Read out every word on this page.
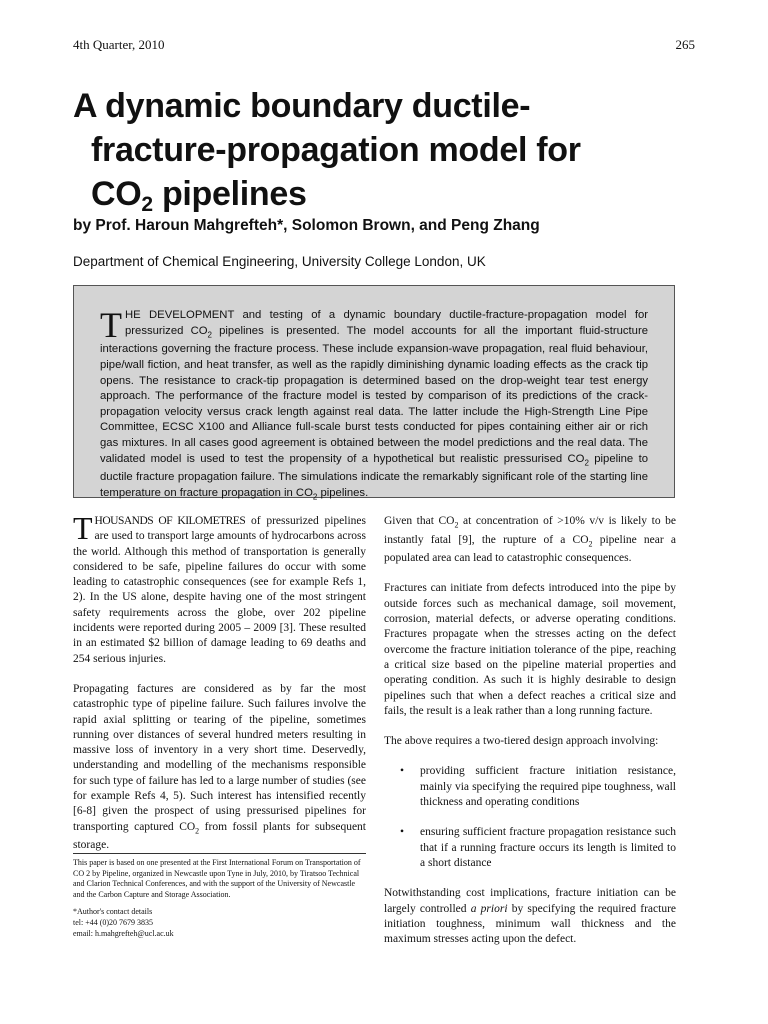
4th Quarter, 2010	265
A dynamic boundary ductile-
fracture-propagation model for
$CO_2$ pipelines
by Prof. Haroun Mahgrefteh*, Solomon Brown, and Peng Zhang
Department of Chemical Engineering, University College London, UK
THE DEVELOPMENT and testing of a dynamic boundary ductile-fracture-propagation model for pressurized $CO_2$ pipelines is presented. The model accounts for all the important fluid-structure interactions governing the fracture process. These include expansion-wave propagation, real fluid behaviour, pipe/wall fiction, and heat transfer, as well as the rapidly diminishing dynamic loading effects as the crack tip opens. The resistance to crack-tip propagation is determined based on the drop-weight tear test energy approach. The performance of the fracture model is tested by comparison of its predictions of the crack-propagation velocity versus crack length against real data. The latter include the High-Strength Line Pipe Committee, ECSC X100 and Alliance full-scale burst tests conducted for pipes containing either air or rich gas mixtures. In all cases good agreement is obtained between the model predictions and the real data. The validated model is used to test the propensity of a hypothetical but realistic pressurised $CO_2$ pipeline to ductile fracture propagation failure. The simulations indicate the remarkably significant role of the starting line temperature on fracture propagation in $CO_2$ pipelines.

THOUSANDS OF KILOMETRES of pressurized pipelines are used to transport large amounts of hydrocarbons across the world. Although this method of transportation is generally considered to be safe, pipeline failures do occur with some leading to catastrophic consequences (see for example Refs 1, 2). In the US alone, despite having one of the most stringent safety requirements across the globe, over 202 pipeline incidents were reported during 2005 – 2009 [3]. These resulted in an estimated $2 billion of damage leading to 69 deaths and 254 serious injuries.

Propagating factures are considered as by far the most catastrophic type of pipeline failure. Such failures involve the rapid axial splitting or tearing of the pipeline, sometimes running over distances of several hundred meters resulting in massive loss of inventory in a very short time. Deservedly, understanding and modelling of the mechanisms responsible for such type of failure has led to a large number of studies (see for example Refs 4, 5). Such interest has intensified recently [6-8] given the prospect of using pressurised pipelines for transporting captured $CO_2$ from fossil plants for subsequent storage.

This paper is based on one presented at the First International Forum on Transportation of CO 2 by Pipeline, organized in Newcastle upon Tyne in July, 2010, by Tiratsoo Technical and Clarion Technical Conferences, and with the support of the University of Newcastle and the Carbon Capture and Storage Association.

*Author's contact details
tel: +44 (0)20 7679 3835
email: h.mahgrefteh@ucl.ac.uk

Given that $CO_2$ at concentration of >10% v/v is likely to be instantly fatal [9], the rupture of a $CO_2$ pipeline near a populated area can lead to catastrophic consequences.

Fractures can initiate from defects introduced into the pipe by outside forces such as mechanical damage, soil movement, corrosion, material defects, or adverse operating conditions. Fractures propagate when the stresses acting on the defect overcome the fracture initiation tolerance of the pipe, reaching a critical size based on the pipeline material properties and operating condition. As such it is highly desirable to design pipelines such that when a defect reaches a critical size and fails, the result is a leak rather than a long running facture.

The above requires a two-tiered design approach involving:

• providing sufficient fracture initiation resistance, mainly via specifying the required pipe toughness, wall thickness and operating conditions
• ensuring sufficient fracture propagation resistance such that if a running fracture occurs its length is limited to a short distance

Notwithstanding cost implications, fracture initiation can be largely controlled a priori by specifying the required fracture initiation toughness, minimum wall thickness and the maximum stresses acting upon the defect.
